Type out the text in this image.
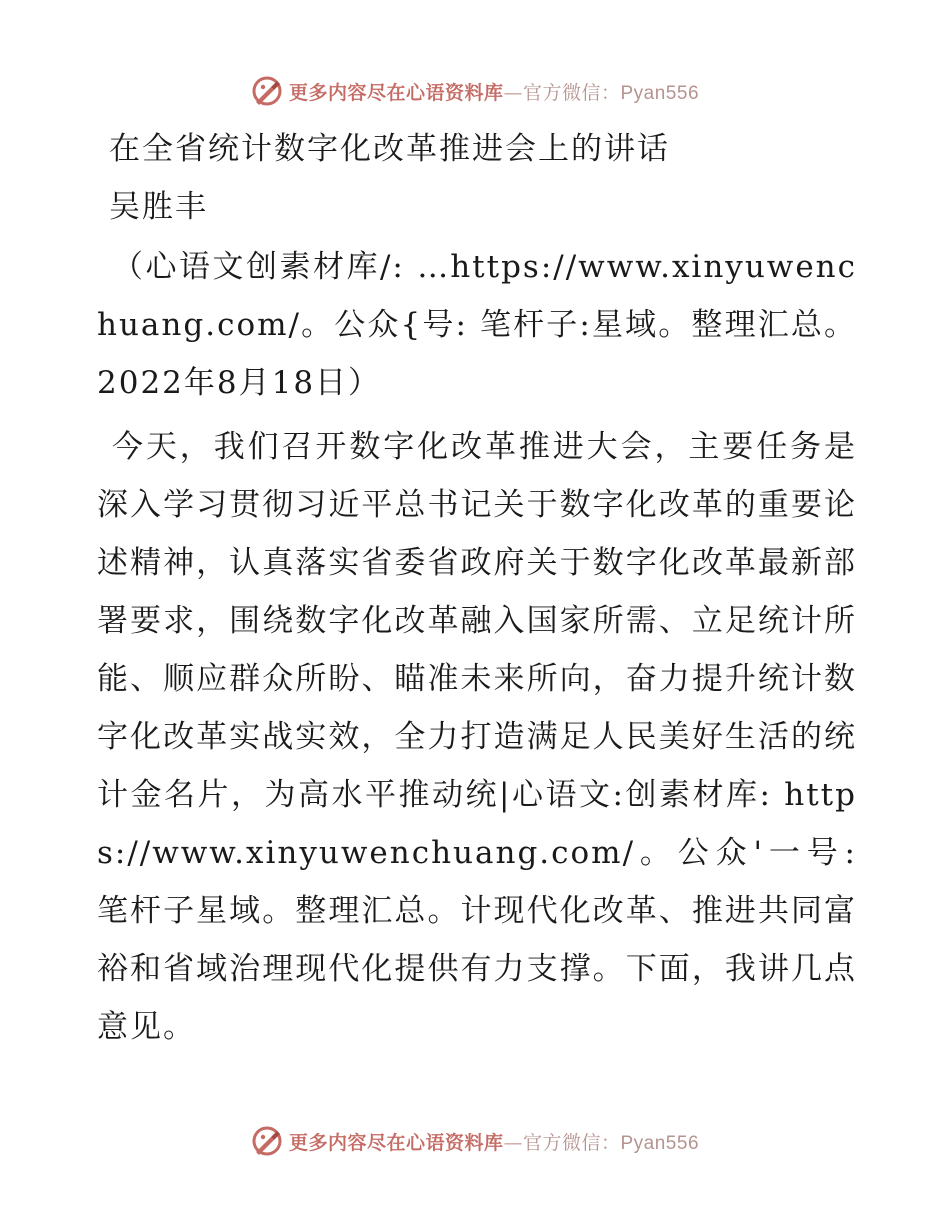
更多内容尽在心语资料库—官方微信：Pyan556

在全省统计数字化改革推进会上的讲话

吴胜丰

（心语文创素材库/: …https://www.xinyuwenchuang.com/。公众{号: 笔杆子:星域。整理汇总。2022年8月18日）

今天，我们召开数字化改革推进大会，主要任务是深入学习贯彻习近平总书记关于数字化改革的重要论述精神，认真落实省委省政府关于数字化改革最新部署要求，围绕数字化改革融入国家所需、立足统计所能、顺应群众所盼、瞄准未来所向，奋力提升统计数字化改革实战实效，全力打造满足人民美好生活的统计金名片，为高水平推动统|心语文:创素材库: https://www.xinyuwenchuang.com/。公众'一号: 笔杆子星域。整理汇总。计现代化改革、推进共同富裕和省域治理现代化提供有力支撑。下面，我讲几点意见。

更多内容尽在心语资料库—官方微信：Pyan556
